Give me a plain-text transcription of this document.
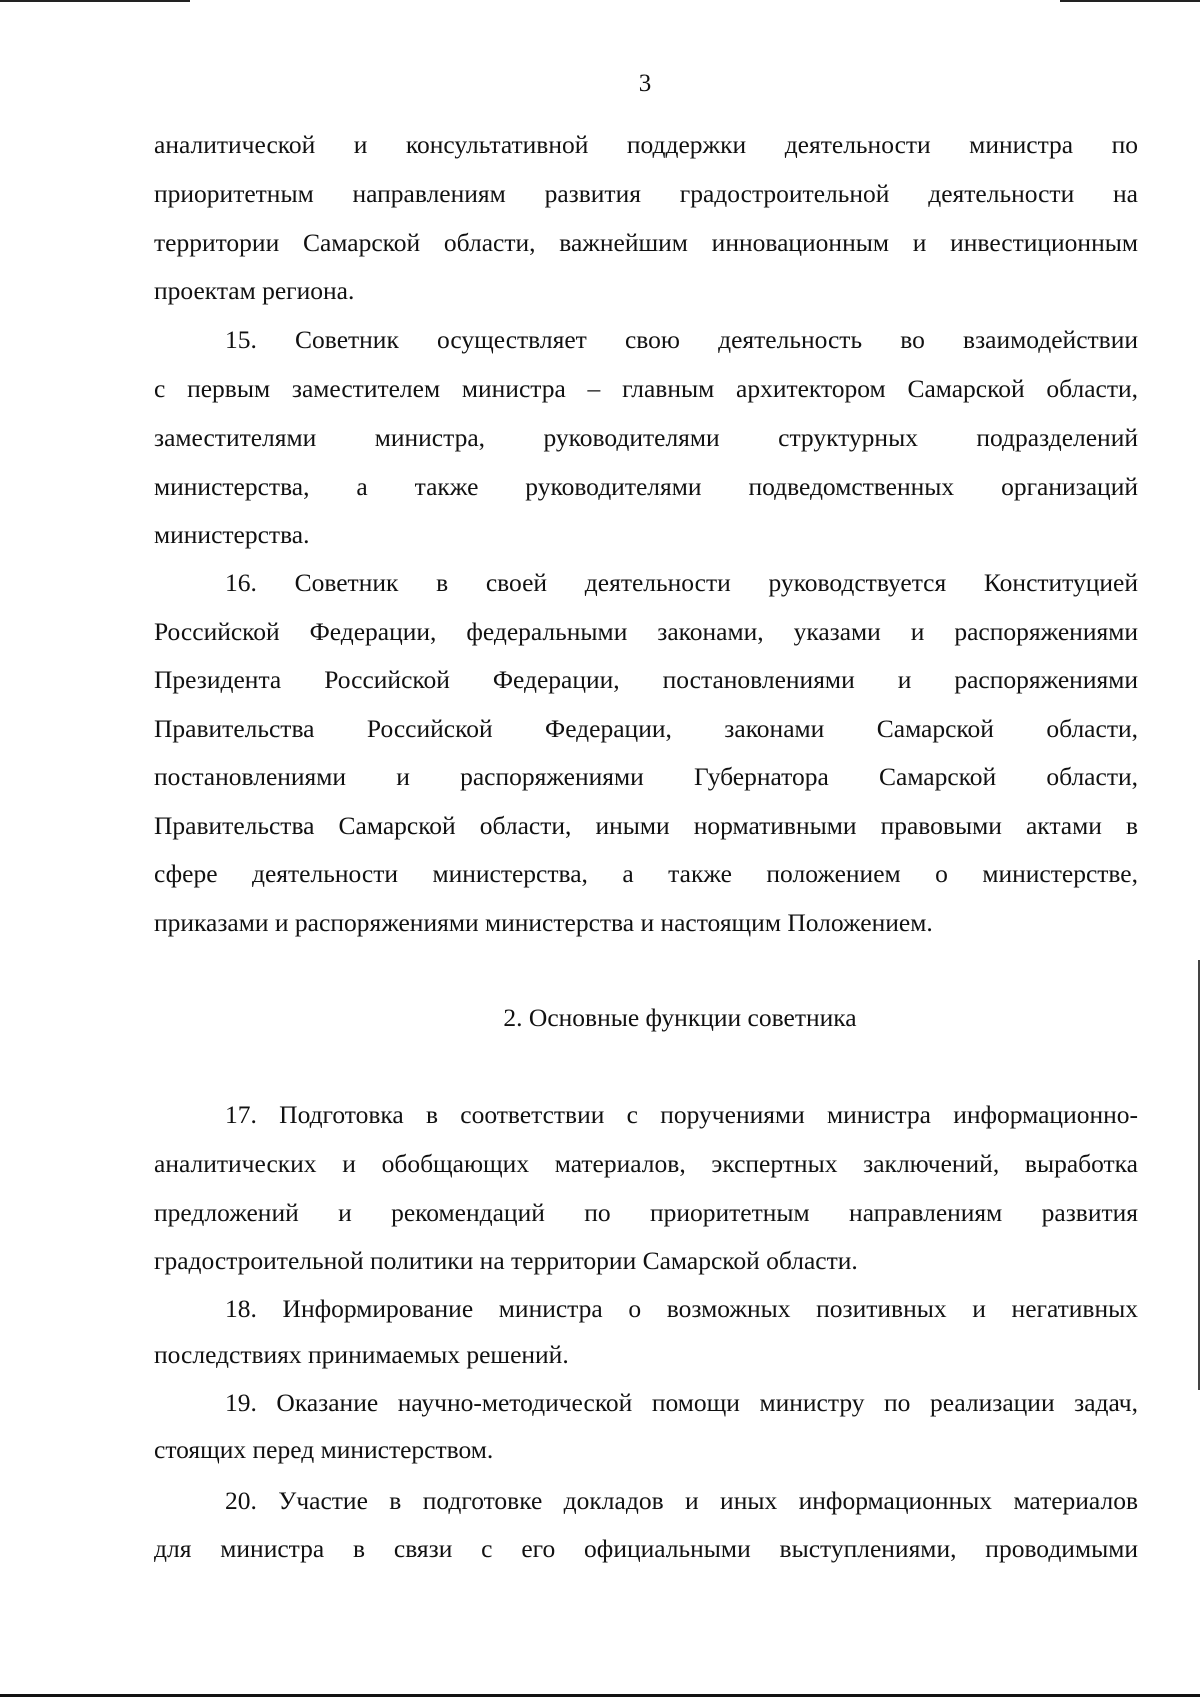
3
аналитической и консультативной поддержки деятельности министра по
приоритетным направлениям развития градостроительной деятельности на
территории Самарской области, важнейшим инновационным и инвестиционным
проектам региона.
15. Советник осуществляет свою деятельность во взаимодействии
с первым заместителем министра – главным архитектором Самарской области,
заместителями министра, руководителями структурных подразделений
министерства, а также руководителями подведомственных организаций
министерства.
16. Советник в своей деятельности руководствуется Конституцией
Российской Федерации, федеральными законами, указами и распоряжениями
Президента Российской Федерации, постановлениями и распоряжениями
Правительства Российской Федерации, законами Самарской области,
постановлениями и распоряжениями Губернатора Самарской области,
Правительства Самарской области, иными нормативными правовыми актами в
сфере деятельности министерства, а также положением о министерстве,
приказами и распоряжениями министерства и настоящим Положением.
2. Основные функции советника
17. Подготовка в соответствии с поручениями министра информационно-
аналитических и обобщающих материалов, экспертных заключений, выработка
предложений и рекомендаций по приоритетным направлениям развития
градостроительной политики на территории Самарской области.
18. Информирование министра о возможных позитивных и негативных
последствиях принимаемых решений.
19. Оказание научно-методической помощи министру по реализации задач,
стоящих перед министерством.
20. Участие в подготовке докладов и иных информационных материалов
для министра в связи с его официальными выступлениями, проводимыми
